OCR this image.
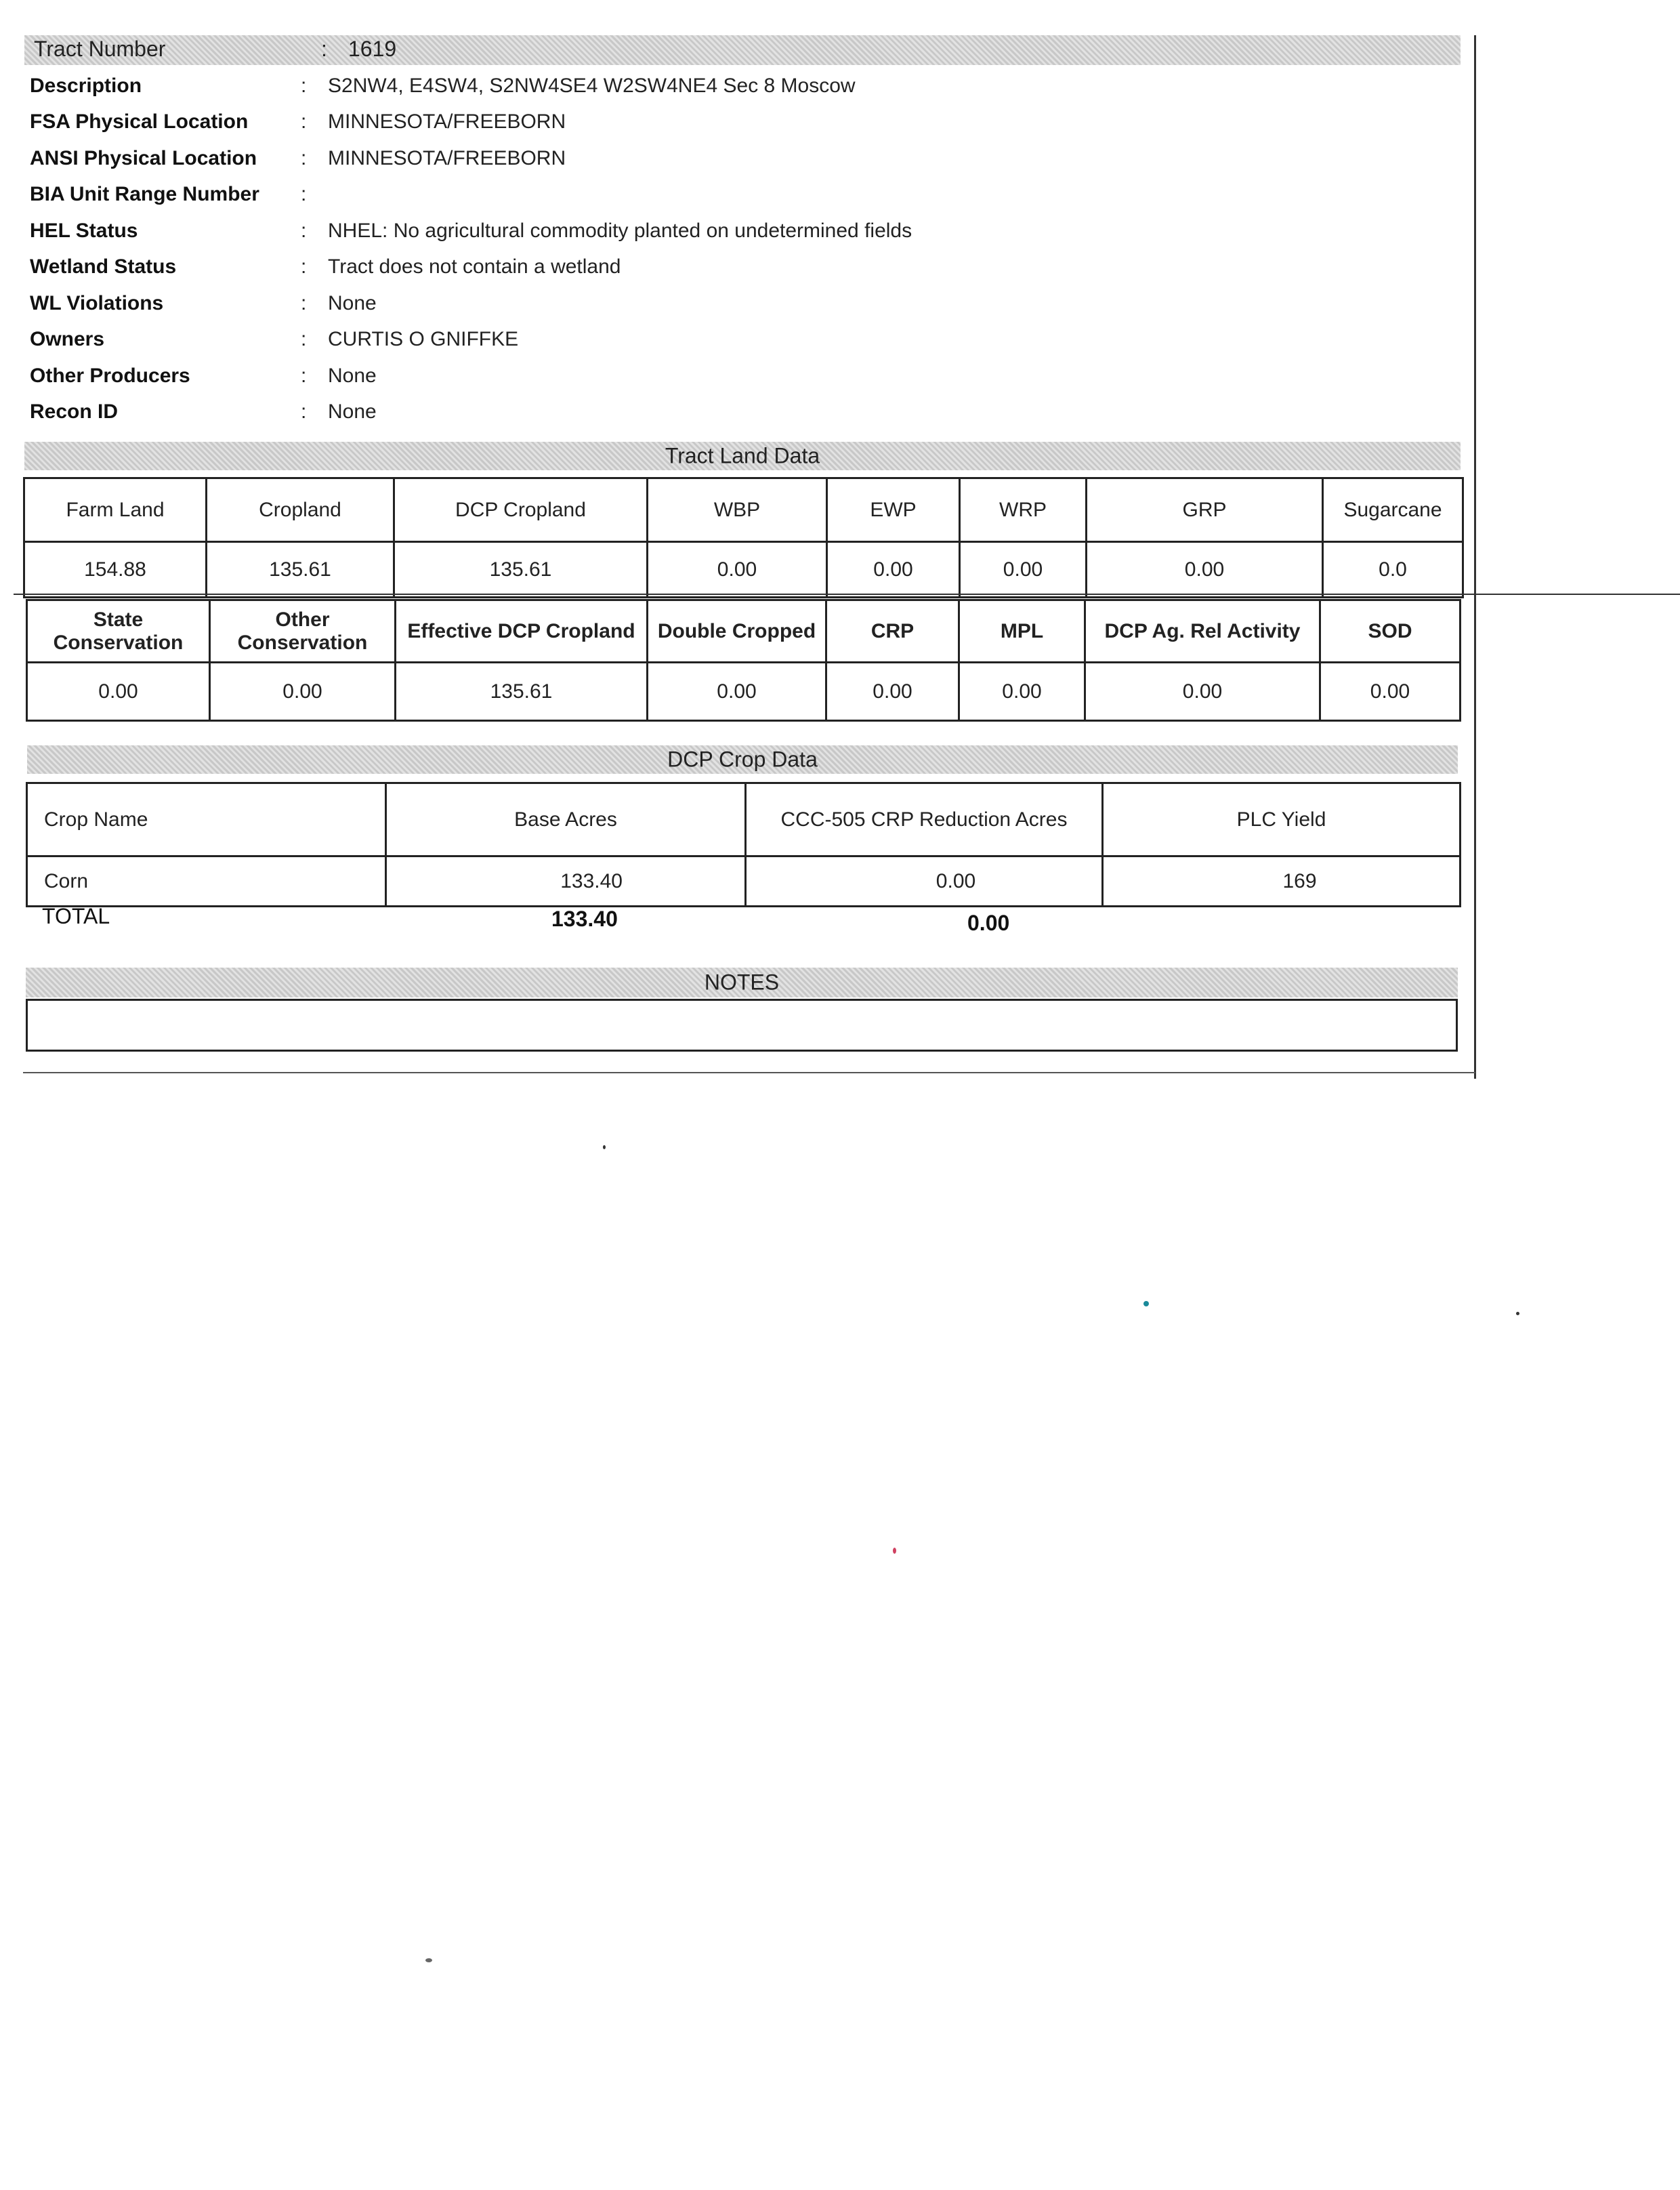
Tract Number	: 1619
Description	:	S2NW4, E4SW4, S2NW4SE4 W2SW4NE4 Sec 8 Moscow
FSA Physical Location	:	MINNESOTA/FREEBORN
ANSI Physical Location	:	MINNESOTA/FREEBORN
BIA Unit Range Number	:
HEL Status	:	NHEL: No agricultural commodity planted on undetermined fields
Wetland Status	:	Tract does not contain a wetland
WL Violations	:	None
Owners	:	CURTIS O GNIFFKE
Other Producers	:	None
Recon ID	:	None
Tract Land Data
Farm Land	Cropland	DCP Cropland	WBP	EWP	WRP	GRP	Sugarcane
154.88	135.61	135.61	0.00	0.00	0.00	0.00	0.0
State Conservation	Other Conservation	Effective DCP Cropland	Double Cropped	CRP	MPL	DCP Ag. Rel Activity	SOD
0.00	0.00	135.61	0.00	0.00	0.00	0.00	0.00
DCP Crop Data
Crop Name	Base Acres	CCC-505 CRP Reduction Acres	PLC Yield
Corn	133.40	0.00	169
TOTAL	133.40	0.00
NOTES
